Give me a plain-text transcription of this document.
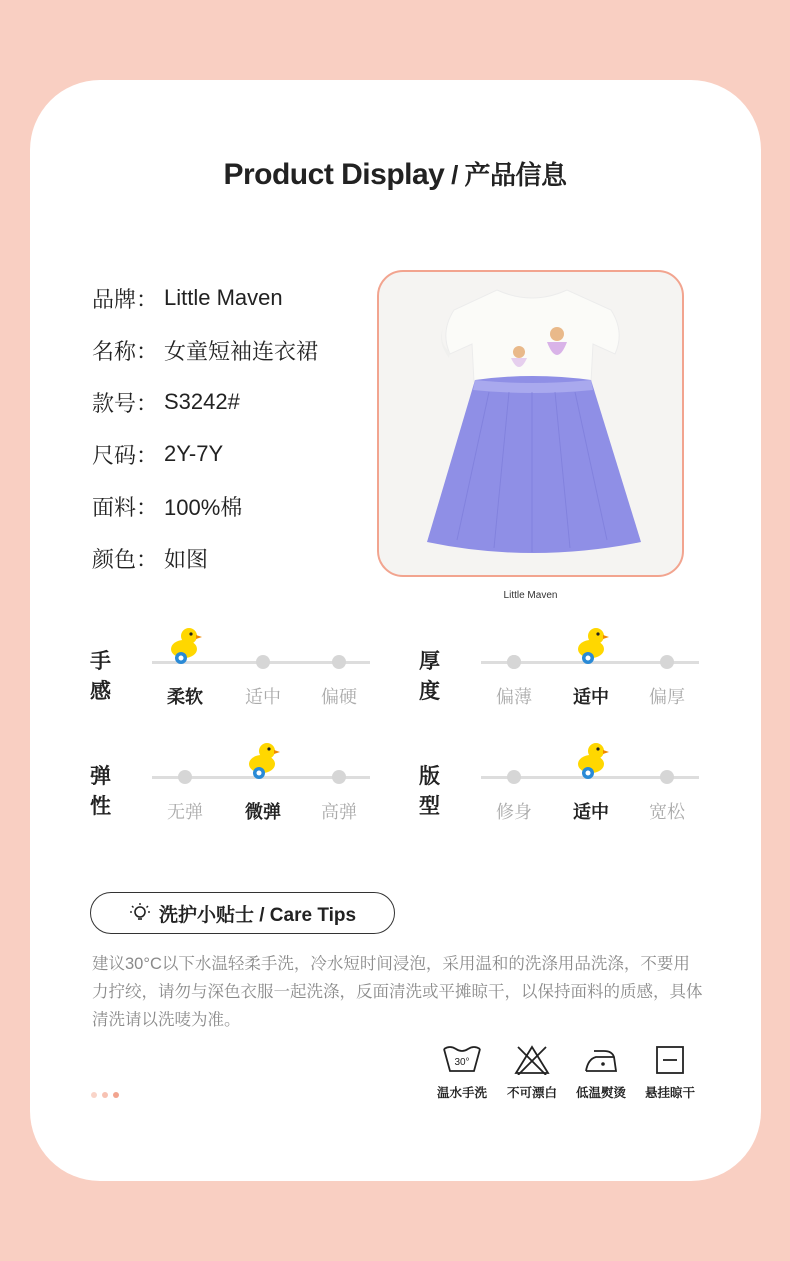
Product Display / 产品信息
品牌： Little Maven
名称： 女童短袖连衣裙
款号： S3242#
尺码： 2Y-7Y
面料： 100%棉
颜色： 如图
Little Maven
手感	柔软	适中	偏硬
厚度	偏薄	适中	偏厚
弹性	无弹	微弹	高弹
版型	修身	适中	宽松
洗护小贴士 / Care Tips
建议30°C以下水温轻柔手洗，冷水短时间浸泡，采用温和的洗涤用品洗涤，不要用力拧绞，请勿与深色衣服一起洗涤，反面清洗或平摊晾干，以保持面料的质感，具体清洗请以洗唛为准。
30°
温水手洗	不可漂白	低温熨烫	悬挂晾干
